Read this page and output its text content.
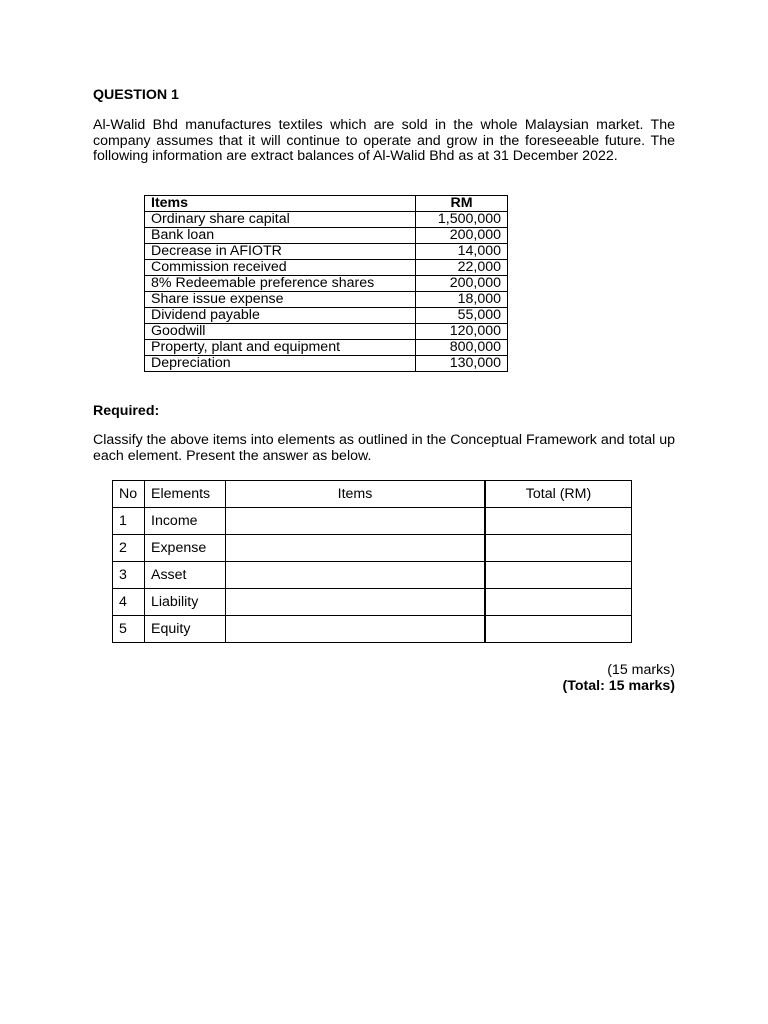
QUESTION 1
Al-Walid Bhd manufactures textiles which are sold in the whole Malaysian market. The company assumes that it will continue to operate and grow in the foreseeable future. The following information are extract balances of Al-Walid Bhd as at 31 December 2022.
Items	RM
Ordinary share capital	1,500,000
Bank loan	200,000
Decrease in AFIOTR	14,000
Commission received	22,000
8% Redeemable preference shares	200,000
Share issue expense	18,000
Dividend payable	55,000
Goodwill	120,000
Property, plant and equipment	800,000
Depreciation	130,000
Required:
Classify the above items into elements as outlined in the Conceptual Framework and total up each element. Present the answer as below.
No	Elements	Items	Total (RM)
1	Income		
2	Expense		
3	Asset		
4	Liability		
5	Equity		
(15 marks)
(Total: 15 marks)
